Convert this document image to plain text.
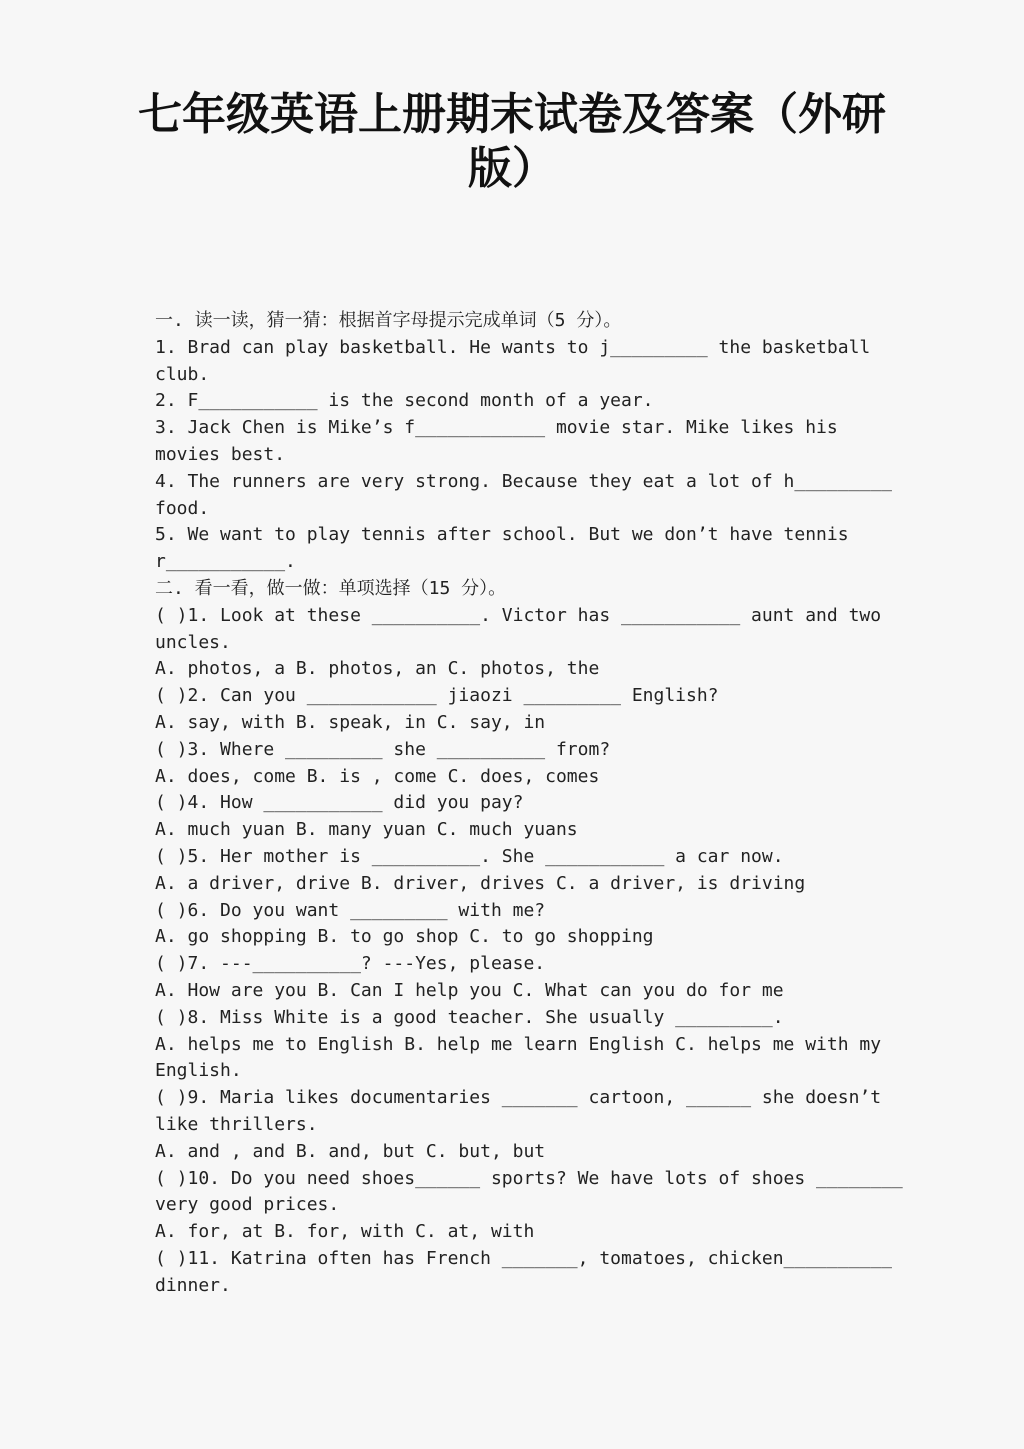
七年级英语上册期末试卷及答案（外研版）
一. 读一读，猜一猜：根据首字母提示完成单词（5 分）。
1. Brad can play basketball. He wants to j_________ the basketball
club.
2. F___________ is the second month of a year.
3. Jack Chen is Mike’s f____________ movie star. Mike likes his
movies best.
4. The runners are very strong. Because they eat a lot of h_________
food.
5. We want to play tennis after school. But we don’t have tennis
r___________.
二. 看一看，做一做：单项选择（15 分）。
( )1. Look at these __________. Victor has ___________ aunt and two
uncles.
A. photos, a B. photos, an C. photos, the
( )2. Can you ____________ jiaozi _________ English?
A. say, with B. speak, in C. say, in
( )3. Where _________ she __________ from?
A. does, come B. is , come C. does, comes
( )4. How ___________ did you pay?
A. much yuan B. many yuan C. much yuans
( )5. Her mother is __________. She ___________ a car now.
A. a driver, drive B. driver, drives C. a driver, is driving
( )6. Do you want _________ with me?
A. go shopping B. to go shop C. to go shopping
( )7. ---__________? ---Yes, please.
A. How are you B. Can I help you C. What can you do for me
( )8. Miss White is a good teacher. She usually _________.
A. helps me to English B. help me learn English C. helps me with my
English.
( )9. Maria likes documentaries _______ cartoon, ______ she doesn’t
like thrillers.
A. and , and B. and, but C. but, but
( )10. Do you need shoes______ sports? We have lots of shoes ________
very good prices.
A. for, at B. for, with C. at, with
( )11. Katrina often has French _______, tomatoes, chicken__________
dinner.
